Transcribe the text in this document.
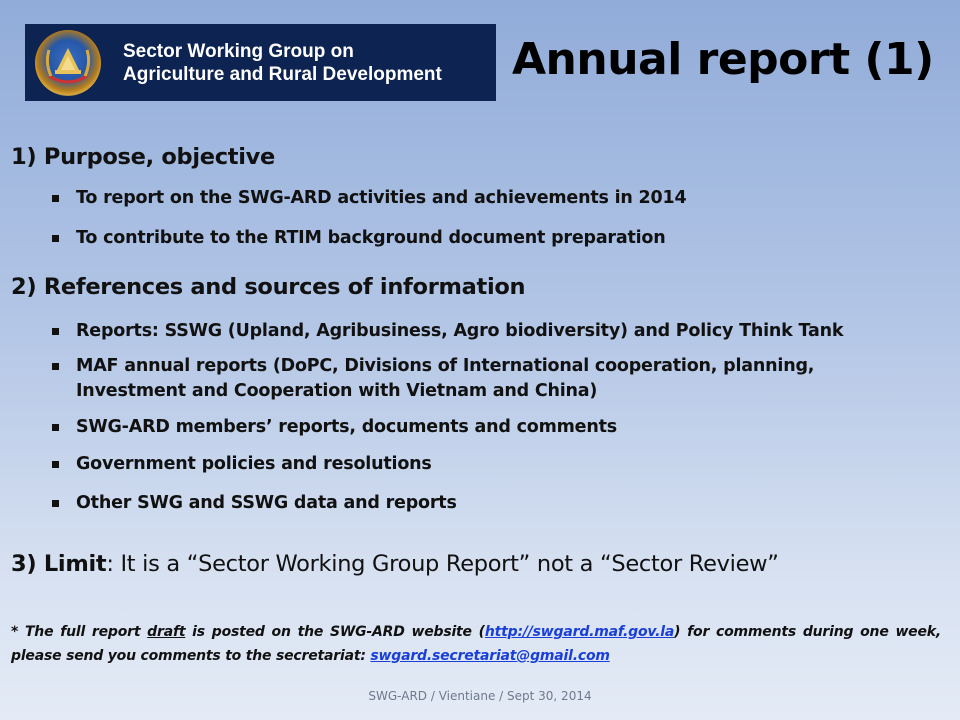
Sector Working Group on
Agriculture and Rural Development Annual report (1)
1) Purpose, objective
To report on the SWG-ARD activities and achievements in 2014
To contribute to the RTIM background document preparation
2) References and sources of information
Reports: SSWG (Upland, Agribusiness, Agro biodiversity) and Policy Think Tank
MAF annual reports (DoPC, Divisions of International cooperation, planning, Investment and Cooperation with Vietnam and China)
SWG-ARD members’ reports, documents and comments
Government policies and resolutions
Other SWG and SSWG data and reports

3) Limit: It is a “Sector Working Group Report” not a “Sector Review”

* The full report draft is posted on the SWG-ARD website (http://swgard.maf.gov.la) for comments during one week, please send you comments to the secretariat: swgard.secretariat@gmail.com

SWG-ARD / Vientiane / Sept 30, 2014
